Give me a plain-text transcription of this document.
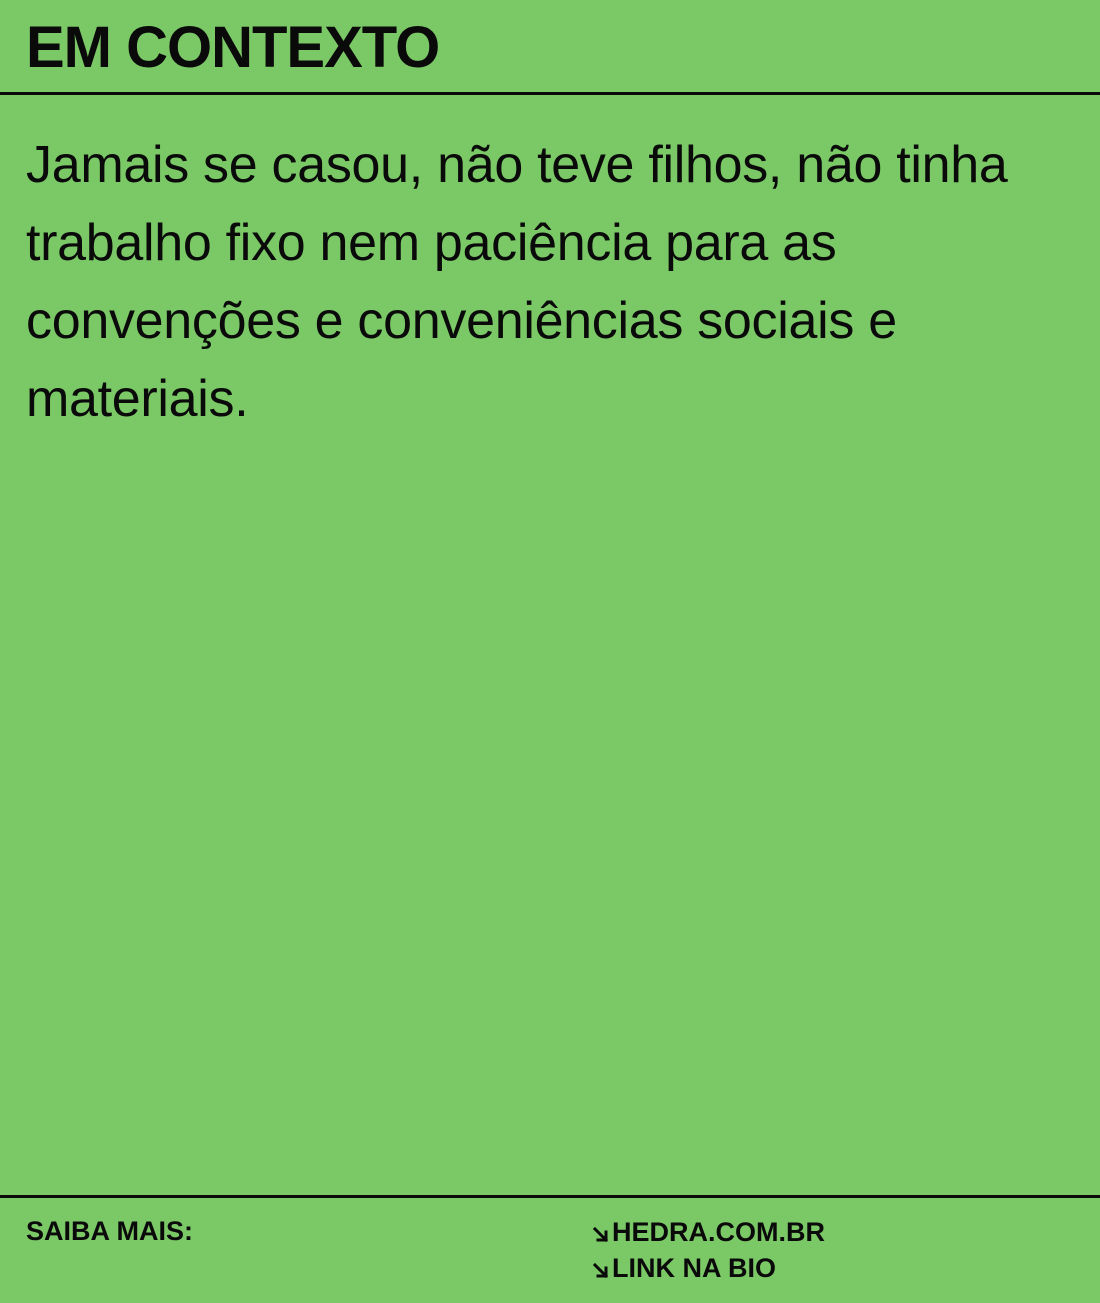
EM CONTEXTO

Jamais se casou, não teve filhos, não tinha trabalho fixo nem paciência para as convenções e conveniências sociais e materiais.

SAIBA MAIS:	HEDRA.COM.BR
LINK NA BIO
